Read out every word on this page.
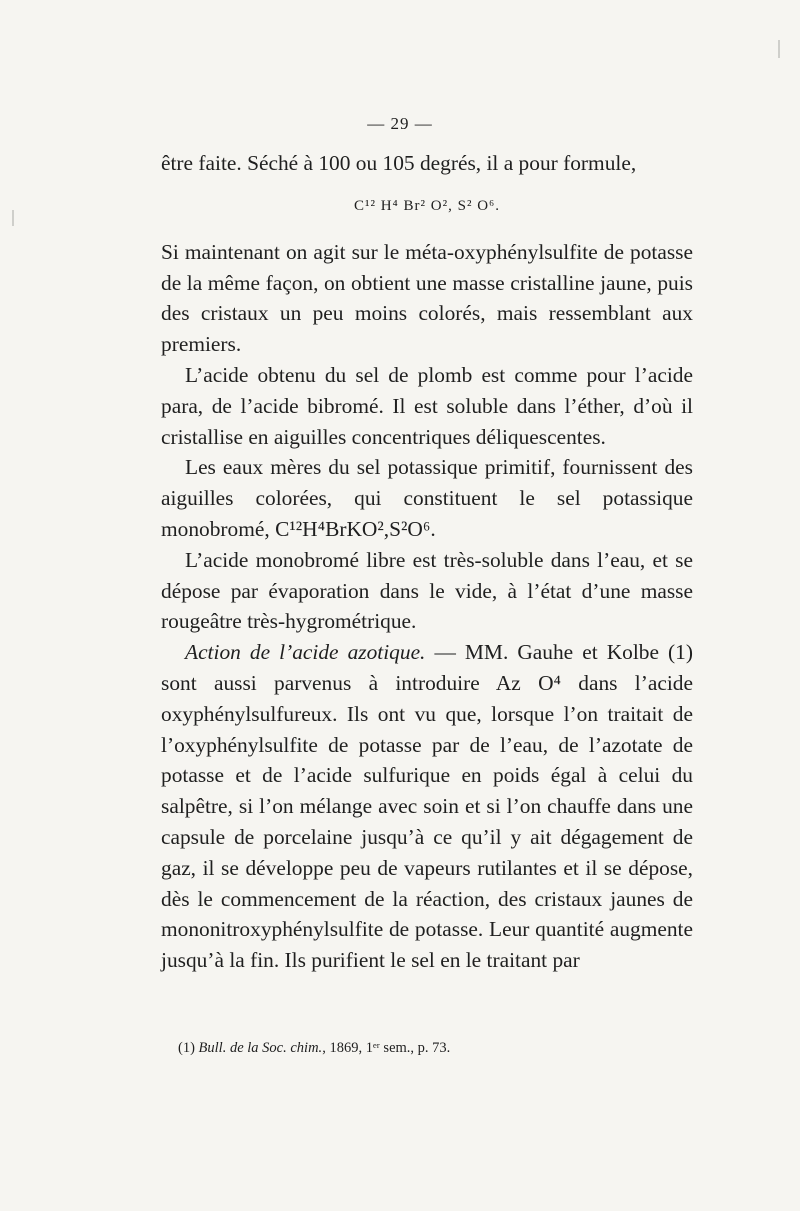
— 29 —

être faite. Séché à 100 ou 105 degrés, il a pour formule,

C¹² H⁴ Br² O², S² O⁶.

Si maintenant on agit sur le méta-oxyphénylsulfite de potasse de la même façon, on obtient une masse cristalline jaune, puis des cristaux un peu moins colorés, mais ressemblant aux premiers.

L’acide obtenu du sel de plomb est comme pour l’acide para, de l’acide bibromé. Il est soluble dans l’éther, d’où il cristallise en aiguilles concentriques déliquescentes.

Les eaux mères du sel potassique primitif, fournissent des aiguilles colorées, qui constituent le sel potassique monobromé, C¹²H⁴BrKO²,S²O⁶.

L’acide monobromé libre est très-soluble dans l’eau, et se dépose par évaporation dans le vide, à l’état d’une masse rougeâtre très-hygrométrique.

Action de l’acide azotique. — MM. Gauhe et Kolbe (1) sont aussi parvenus à introduire Az O⁴ dans l’acide oxyphénylsulfureux. Ils ont vu que, lorsque l’on traitait de l’oxyphénylsulfite de potasse par de l’eau, de l’azotate de potasse et de l’acide sulfurique en poids égal à celui du salpêtre, si l’on mélange avec soin et si l’on chauffe dans une capsule de porcelaine jusqu’à ce qu’il y ait dégagement de gaz, il se développe peu de vapeurs rutilantes et il se dépose, dès le commencement de la réaction, des cristaux jaunes de mononitroxyphénylsulfite de potasse. Leur quantité augmente jusqu’à la fin. Ils purifient le sel en le traitant par

(1) Bull. de la Soc. chim., 1869, 1ᵉʳ sem., p. 73.
